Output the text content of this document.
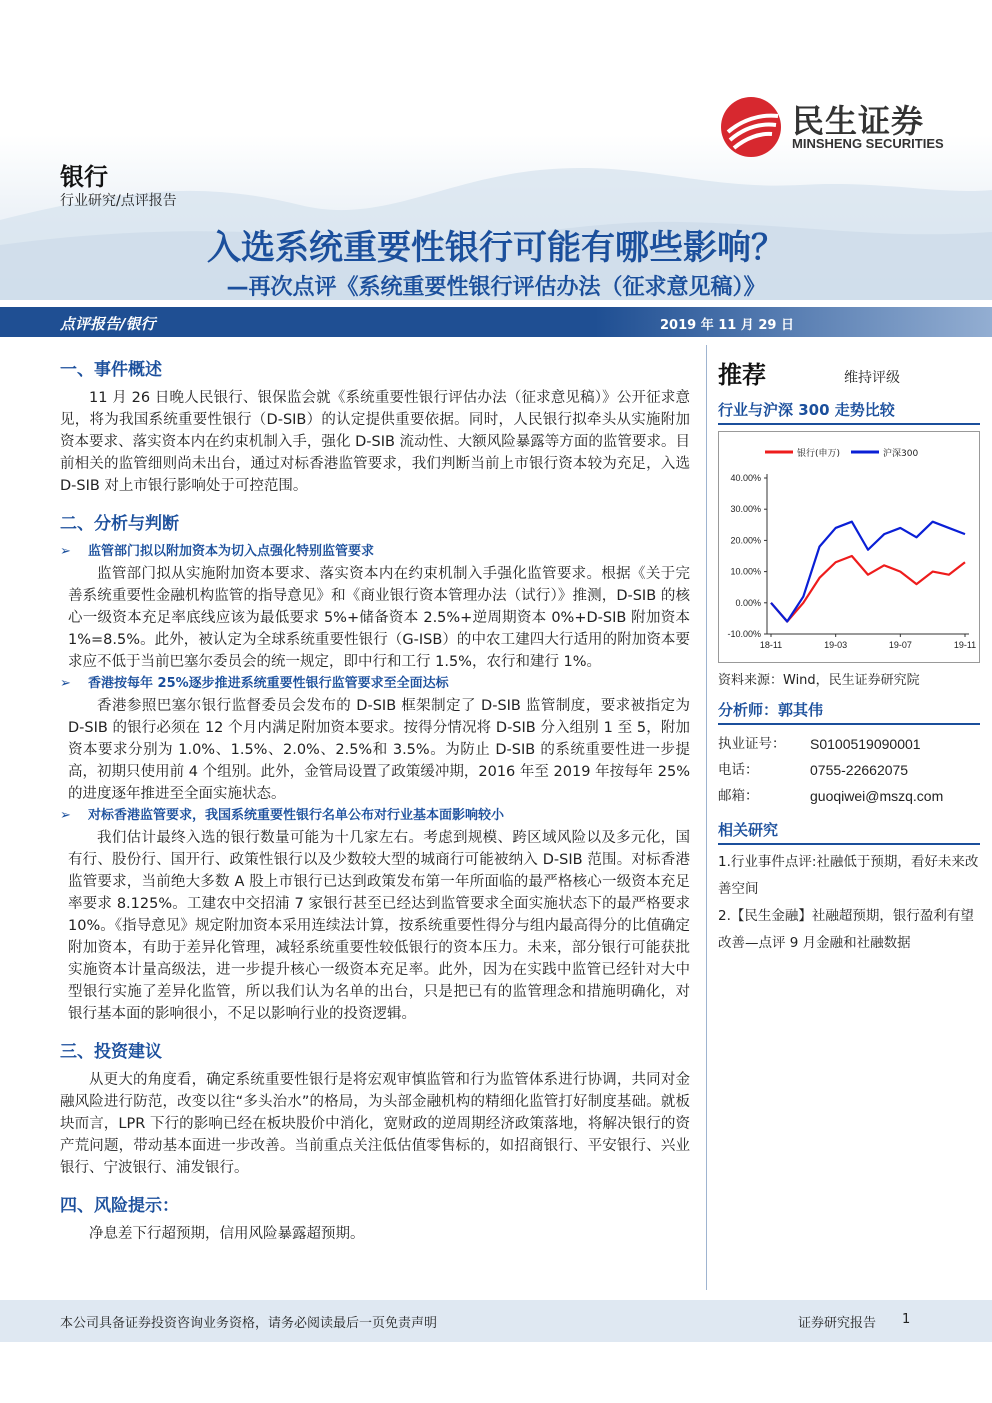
民生证券
MINSHENG SECURITIES
银行
行业研究/点评报告
入选系统重要性银行可能有哪些影响？
—再次点评《系统重要性银行评估办法（征求意见稿）》
点评报告/银行	2019 年 11 月 29 日
一、事件概述

11 月 26 日晚人民银行、银保监会就《系统重要性银行评估办法（征求意见稿）》公开征求意见，将为我国系统重要性银行（D-SIB）的认定提供重要依据。同时，人民银行拟牵头从实施附加资本要求、落实资本内在约束机制入手，强化 D-SIB 流动性、大额风险暴露等方面的监管要求。目前相关的监管细则尚未出台，通过对标香港监管要求，我们判断当前上市银行资本较为充足，入选 D-SIB 对上市银行影响处于可控范围。

二、分析与判断
➢ 监管部门拟以附加资本为切入点强化特别监管要求

监管部门拟从实施附加资本要求、落实资本内在约束机制入手强化监管要求。根据《关于完善系统重要性金融机构监管的指导意见》和《商业银行资本管理办法（试行）》推测，D-SIB 的核心一级资本充足率底线应该为最低要求 5%+储备资本 2.5%+逆周期资本 0%+D-SIB 附加资本 1%=8.5%。此外，被认定为全球系统重要性银行（G-ISB）的中农工建四大行适用的附加资本要求应不低于当前巴塞尔委员会的统一规定，即中行和工行 1.5%，农行和建行 1%。

➢ 香港按每年 25%逐步推进系统重要性银行监管要求至全面达标

香港参照巴塞尔银行监督委员会发布的 D-SIB 框架制定了 D-SIB 监管制度，要求被指定为 D-SIB 的银行必须在 12 个月内满足附加资本要求。按得分情况将 D-SIB 分入组别 1 至 5，附加资本要求分别为 1.0%、1.5%、2.0%、2.5%和 3.5%。为防止 D-SIB 的系统重要性进一步提高，初期只使用前 4 个组别。此外，金管局设置了政策缓冲期，2016 年至 2019 年按每年 25%的进度逐年推进至全面实施状态。

➢ 对标香港监管要求，我国系统重要性银行名单公布对行业基本面影响较小

我们估计最终入选的银行数量可能为十几家左右。考虑到规模、跨区域风险以及多元化，国有行、股份行、国开行、政策性银行以及少数较大型的城商行可能被纳入 D-SIB 范围。对标香港监管要求，当前绝大多数 A 股上市银行已达到政策发布第一年所面临的最严格核心一级资本充足率要求 8.125%。工建农中交招浦 7 家银行甚至已经达到监管要求全面实施状态下的最严格要求 10%。《指导意见》规定附加资本采用连续法计算，按系统重要性得分与组内最高得分的比值确定附加资本，有助于差异化管理，减轻系统重要性较低银行的资本压力。未来，部分银行可能获批实施资本计量高级法，进一步提升核心一级资本充足率。此外，因为在实践中监管已经针对大中型银行实施了差异化监管，所以我们认为名单的出台，只是把已有的监管理念和措施明确化，对银行基本面的影响很小，不足以影响行业的投资逻辑。

三、投资建议

从更大的角度看，确定系统重要性银行是将宏观审慎监管和行为监管体系进行协调，共同对金融风险进行防范，改变以往“多头治水”的格局，为头部金融机构的精细化监管打好制度基础。就板块而言，LPR 下行的影响已经在板块股价中消化，宽财政的逆周期经济政策落地，将解决银行的资产荒问题，带动基本面进一步改善。当前重点关注低估值零售标的，如招商银行、平安银行、兴业银行、宁波银行、浦发银行。

四、风险提示：

净息差下行超预期，信用风险暴露超预期。

推荐	维持评级
行业与沪深 300 走势比较
40.00%
30.00%
20.00%
10.00%
0.00%
-10.00%
18-11	19-03	19-07	19-11
银行(申万)	沪深300
资料来源：Wind，民生证券研究院
分析师：郭其伟
执业证号：	S0100519090001
电话：	0755-22662075
邮箱：	guoqiwei@mszq.com
相关研究
1.行业事件点评:社融低于预期，看好未来改善空间
2.【民生金融】社融超预期，银行盈利有望改善—点评 9 月金融和社融数据
本公司具备证券投资咨询业务资格，请务必阅读最后一页免责声明	证券研究报告 1
